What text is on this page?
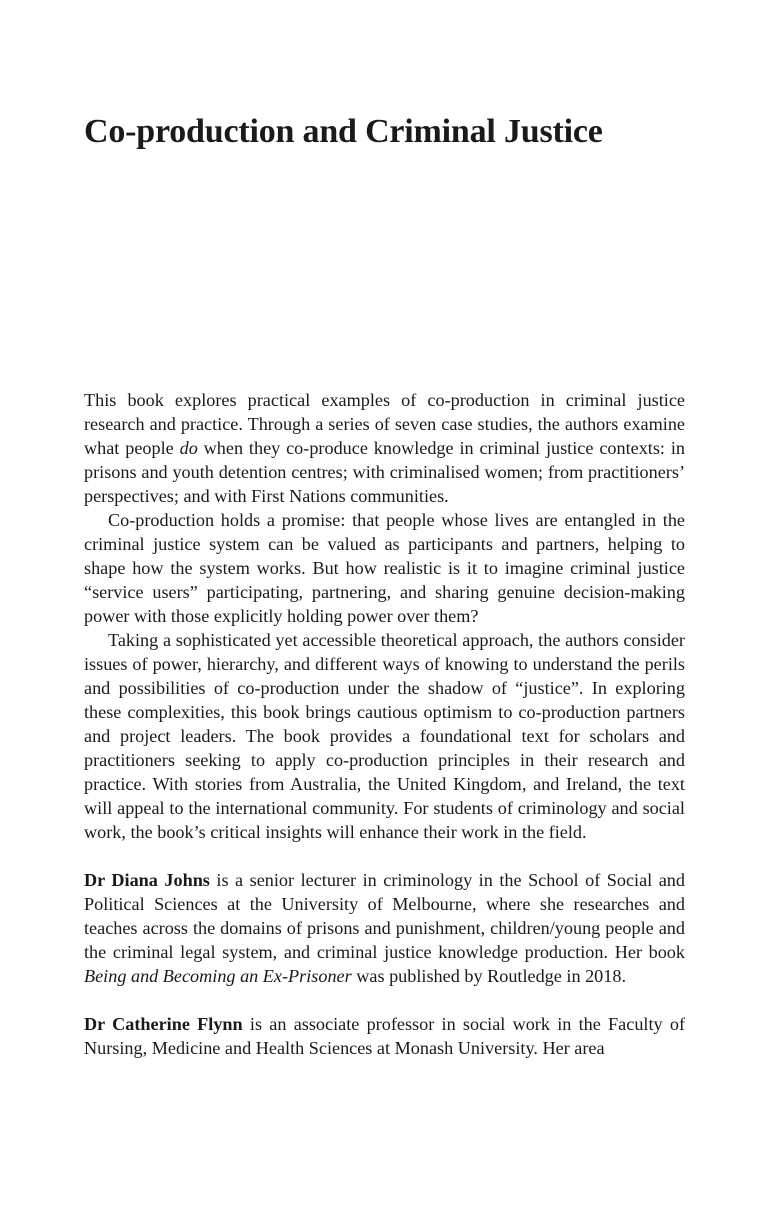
Co-production and Criminal Justice

This book explores practical examples of co-production in criminal justice research and practice. Through a series of seven case studies, the authors examine what people do when they co-produce knowledge in criminal justice contexts: in prisons and youth detention centres; with criminalised women; from practitioners’ perspectives; and with First Nations communities.

Co-production holds a promise: that people whose lives are entangled in the criminal justice system can be valued as participants and partners, helping to shape how the system works. But how realistic is it to imagine criminal justice “service users” participating, partnering, and sharing genuine decision-making power with those explicitly holding power over them?

Taking a sophisticated yet accessible theoretical approach, the authors consider issues of power, hierarchy, and different ways of knowing to understand the perils and possibilities of co-production under the shadow of “justice”. In exploring these complexities, this book brings cautious optimism to co-production partners and project leaders. The book provides a foundational text for scholars and practitioners seeking to apply co-production principles in their research and practice. With stories from Australia, the United Kingdom, and Ireland, the text will appeal to the international community. For students of criminology and social work, the book’s critical insights will enhance their work in the field.

Dr Diana Johns is a senior lecturer in criminology in the School of Social and Political Sciences at the University of Melbourne, where she researches and teaches across the domains of prisons and punishment, children/young people and the criminal legal system, and criminal justice knowledge production. Her book Being and Becoming an Ex-Prisoner was published by Routledge in 2018.

Dr Catherine Flynn is an associate professor in social work in the Faculty of Nursing, Medicine and Health Sciences at Monash University. Her area
